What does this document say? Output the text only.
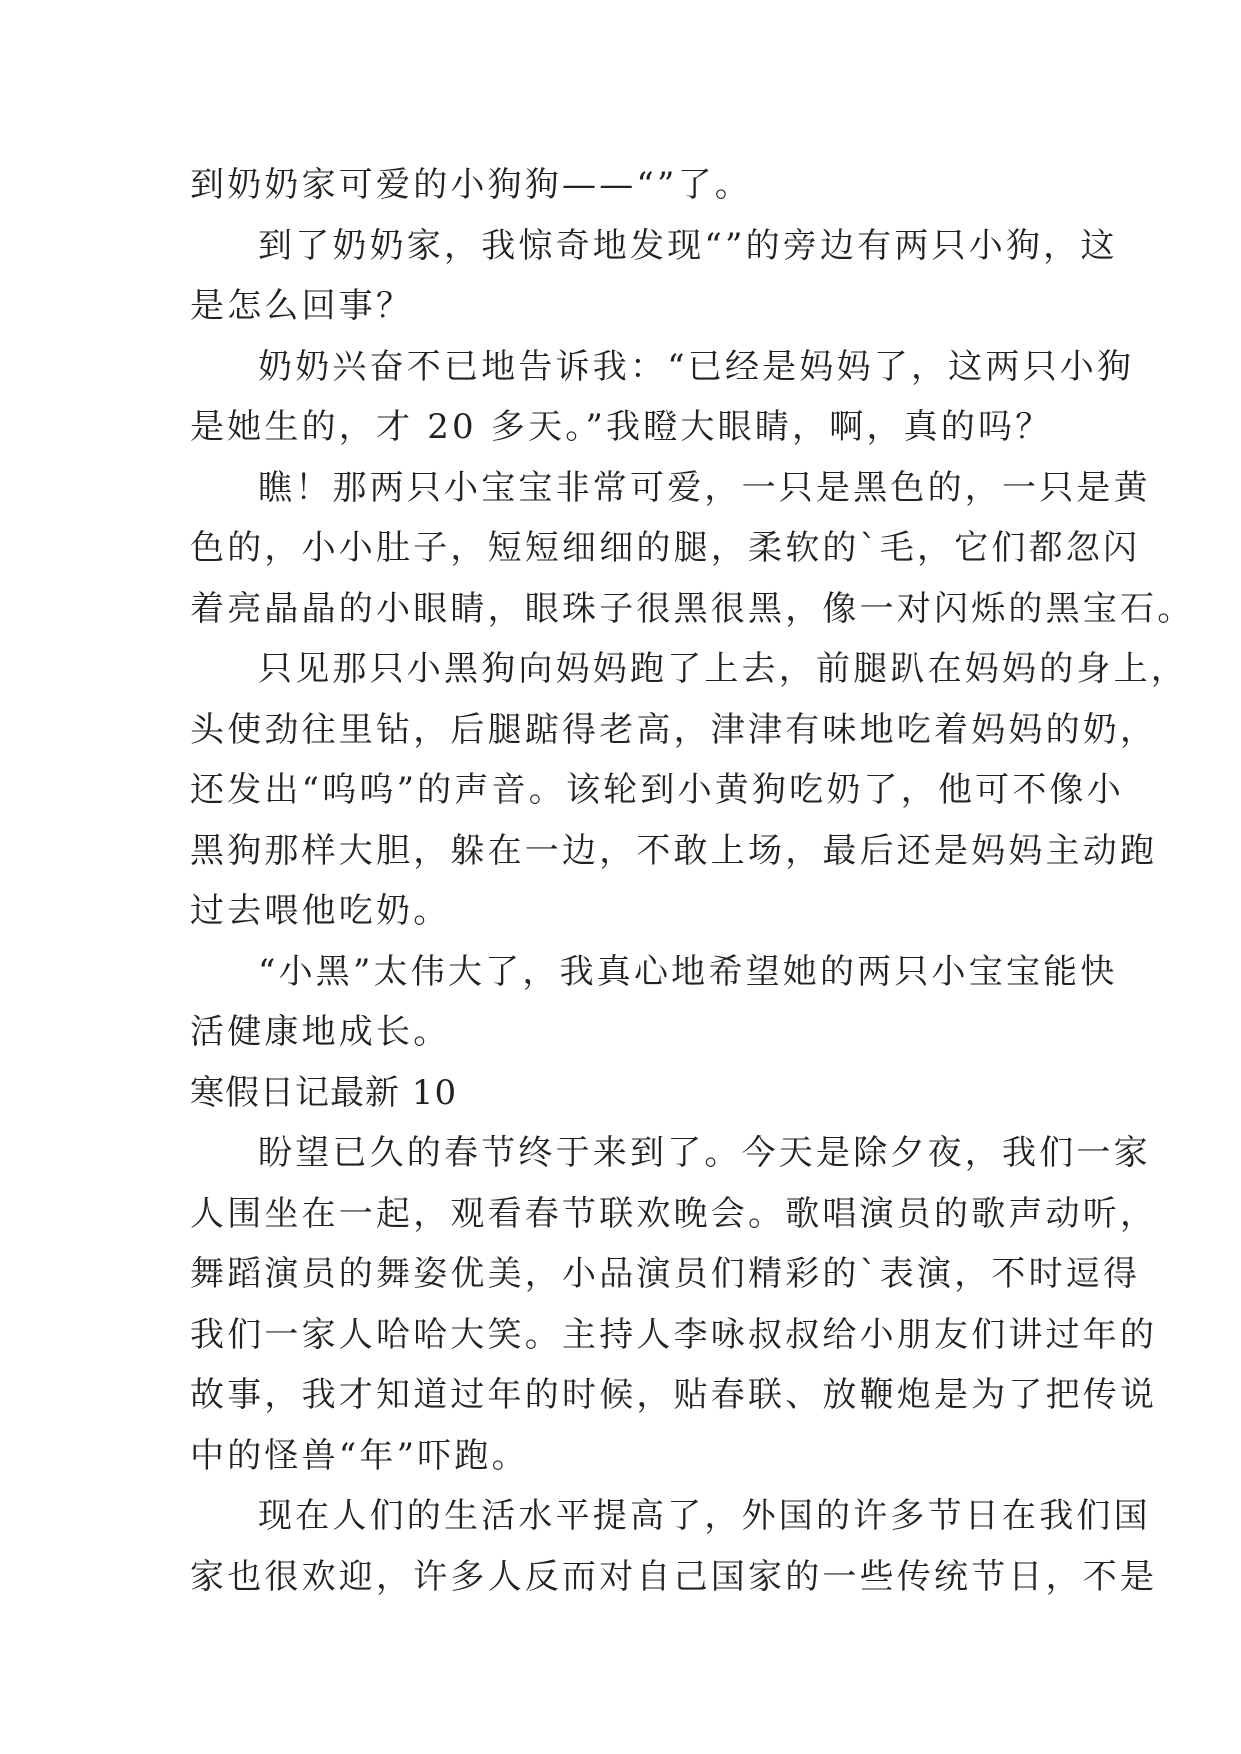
到奶奶家可爱的小狗狗——“”了。
到了奶奶家，我惊奇地发现“”的旁边有两只小狗，这
是怎么回事？
奶奶兴奋不已地告诉我：“已经是妈妈了，这两只小狗
是她生的，才 20 多天。”我瞪大眼睛，啊，真的吗？
瞧！那两只小宝宝非常可爱，一只是黑色的，一只是黄
色的，小小肚子，短短细细的腿，柔软的`毛，它们都忽闪
着亮晶晶的小眼睛，眼珠子很黑很黑，像一对闪烁的黑宝石。
只见那只小黑狗向妈妈跑了上去，前腿趴在妈妈的身上，
头使劲往里钻，后腿踮得老高，津津有味地吃着妈妈的奶，
还发出“呜呜”的声音。该轮到小黄狗吃奶了，他可不像小
黑狗那样大胆，躲在一边，不敢上场，最后还是妈妈主动跑
过去喂他吃奶。
“小黑”太伟大了，我真心地希望她的两只小宝宝能快
活健康地成长。
寒假日记最新 10
盼望已久的春节终于来到了。今天是除夕夜，我们一家
人围坐在一起，观看春节联欢晚会。歌唱演员的歌声动听，
舞蹈演员的舞姿优美，小品演员们精彩的`表演，不时逗得
我们一家人哈哈大笑。主持人李咏叔叔给小朋友们讲过年的
故事，我才知道过年的时候，贴春联、放鞭炮是为了把传说
中的怪兽“年”吓跑。
现在人们的生活水平提高了，外国的许多节日在我们国
家也很欢迎，许多人反而对自己国家的一些传统节日，不是
